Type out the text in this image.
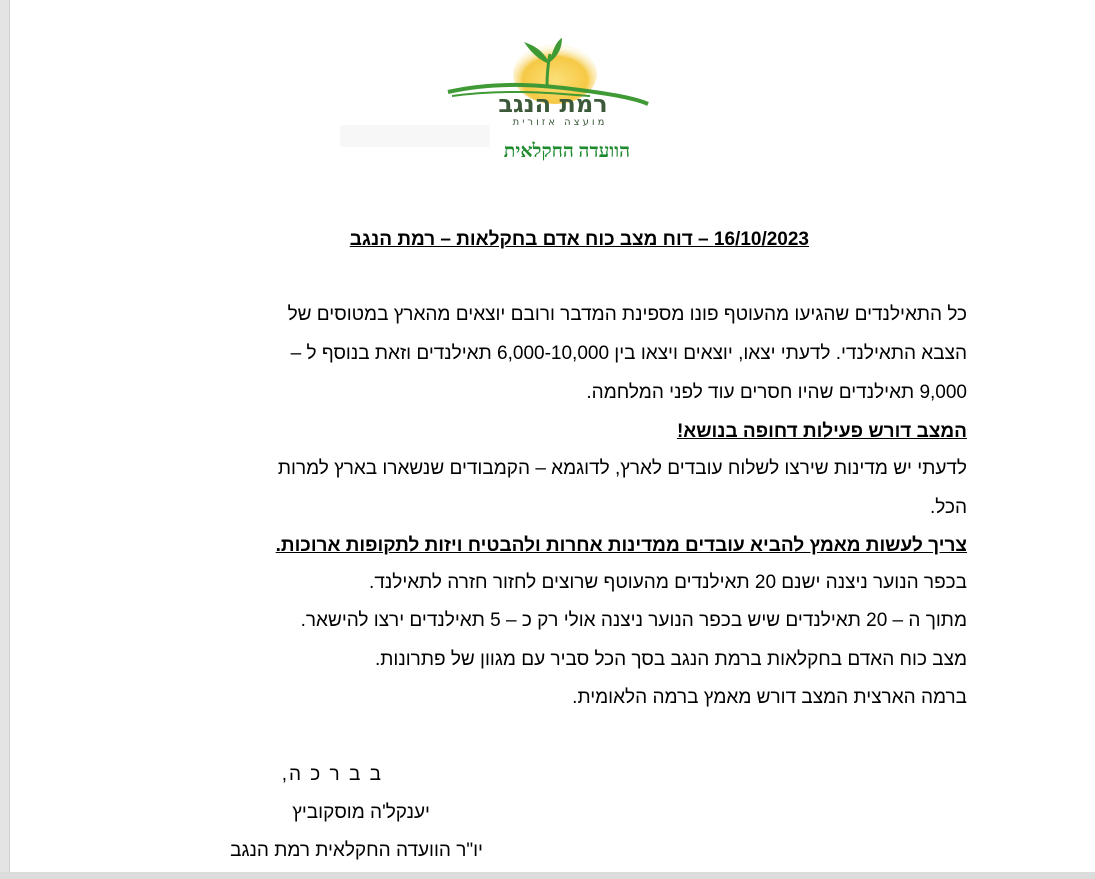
רמת הנגב
מועצה אזורית
הוועדה החקלאית
16/10/2023 – דוח מצב כוח אדם בחקלאות – רמת הנגב
כל התאילנדים שהגיעו מהעוטף פונו מספינת המדבר ורובם יוצאים מהארץ במטוסים של
הצבא התאילנדי. לדעתי יצאו, יוצאים ויצאו בין 6,000-10,000 תאילנדים וזאת בנוסף ל –
9,000 תאילנדים שהיו חסרים עוד לפני המלחמה.
המצב דורש פעילות דחופה בנושא!
לדעתי יש מדינות שירצו לשלוח עובדים לארץ, לדוגמא – הקמבודים שנשארו בארץ למרות
הכל.
צריך לעשות מאמץ להביא עובדים ממדינות אחרות ולהבטיח ויזות לתקופות ארוכות.
בכפר הנוער ניצנה ישנם 20 תאילנדים מהעוטף שרוצים לחזור חזרה לתאילנד.
מתוך ה – 20 תאילנדים שיש בכפר הנוער ניצנה אולי רק כ – 5 תאילנדים ירצו להישאר.
מצב כוח האדם בחקלאות ברמת הנגב בסך הכל סביר עם מגוון של פתרונות.
ברמה הארצית המצב דורש מאמץ ברמה הלאומית.
ב ב ר כ ה,
יענקל'ה מוסקוביץ
יו"ר הוועדה החקלאית רמת הנגב
